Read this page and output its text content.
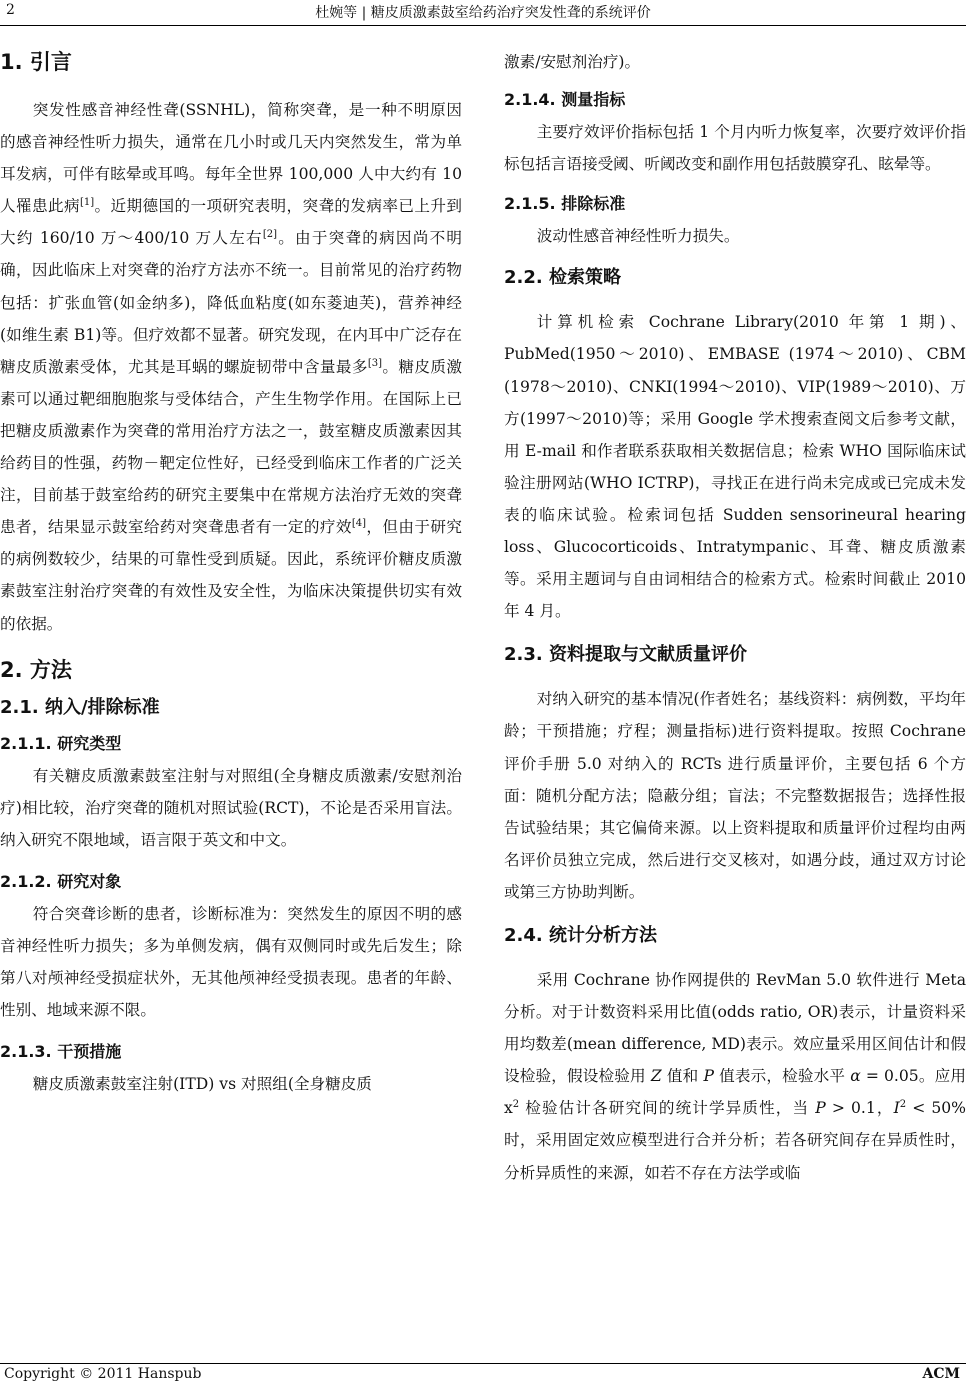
2	杜婉等 | 糖皮质激素鼓室给药治疗突发性聋的系统评价
1. 引言

突发性感音神经性聋(SSNHL)，简称突聋，是一种不明原因的感音神经性听力损失，通常在几小时或几天内突然发生，常为单耳发病，可伴有眩晕或耳鸣。每年全世界 100,000 人中大约有 10 人罹患此病[1]。近期德国的一项研究表明，突聋的发病率已上升到大约 160/10 万～400/10 万人左右[2]。由于突聋的病因尚不明确，因此临床上对突聋的治疗方法亦不统一。目前常见的治疗药物包括：扩张血管(如金纳多)，降低血粘度(如东菱迪芙)，营养神经(如维生素 B1)等。但疗效都不显著。研究发现，在内耳中广泛存在糖皮质激素受体，尤其是耳蜗的螺旋韧带中含量最多[3]。糖皮质激素可以通过靶细胞胞浆与受体结合，产生生物学作用。在国际上已把糖皮质激素作为突聋的常用治疗方法之一，鼓室糖皮质激素因其给药目的性强，药物－靶定位性好，已经受到临床工作者的广泛关注，目前基于鼓室给药的研究主要集中在常规方法治疗无效的突聋患者，结果显示鼓室给药对突聋患者有一定的疗效[4]，但由于研究的病例数较少，结果的可靠性受到质疑。因此，系统评价糖皮质激素鼓室注射治疗突聋的有效性及安全性，为临床决策提供切实有效的依据。

2. 方法
2.1. 纳入/排除标准
2.1.1. 研究类型

有关糖皮质激素鼓室注射与对照组(全身糖皮质激素/安慰剂治疗)相比较，治疗突聋的随机对照试验(RCT)，不论是否采用盲法。纳入研究不限地域，语言限于英文和中文。

2.1.2. 研究对象

符合突聋诊断的患者，诊断标准为：突然发生的原因不明的感音神经性听力损失；多为单侧发病，偶有双侧同时或先后发生；除第八对颅神经受损症状外，无其他颅神经受损表现。患者的年龄、性别、地域来源不限。

2.1.3. 干预措施

糖皮质激素鼓室注射(ITD) vs 对照组(全身糖皮质

激素/安慰剂治疗)。

2.1.4. 测量指标

主要疗效评价指标包括 1 个月内听力恢复率，次要疗效评价指标包括言语接受阈、听阈改变和副作用包括鼓膜穿孔、眩晕等。

2.1.5. 排除标准

波动性感音神经性听力损失。

2.2. 检索策略

计算机检索 Cochrane Library(2010 年第 1 期)、PubMed(1950～2010)、EMBASE (1974～2010)、CBM (1978～2010)、CNKI(1994～2010)、VIP(1989～2010)、万方(1997～2010)等；采用 Google 学术搜索查阅文后参考文献，用 E-mail 和作者联系获取相关数据信息；检索 WHO 国际临床试验注册网站(WHO ICTRP)，寻找正在进行尚未完成或已完成未发表的临床试验。检索词包括 Sudden sensorineural hearing loss、Glucocorticoids、Intratympanic、耳聋、糖皮质激素等。采用主题词与自由词相结合的检索方式。检索时间截止 2010 年 4 月。

2.3. 资料提取与文献质量评价

对纳入研究的基本情况(作者姓名；基线资料：病例数，平均年龄；干预措施；疗程；测量指标)进行资料提取。按照 Cochrane 评价手册 5.0 对纳入的 RCTs 进行质量评价，主要包括 6 个方面：随机分配方法；隐蔽分组；盲法；不完整数据报告；选择性报告试验结果；其它偏倚来源。以上资料提取和质量评价过程均由两名评价员独立完成，然后进行交叉核对，如遇分歧，通过双方讨论或第三方协助判断。

2.4. 统计分析方法

采用 Cochrane 协作网提供的 RevMan 5.0 软件进行 Meta 分析。对于计数资料采用比值(odds ratio, OR)表示，计量资料采用均数差(mean difference, MD)表示。效应量采用区间估计和假设检验，假设检验用 Z 值和 P 值表示，检验水平 α = 0.05。应用 x$^2$ 检验估计各研究间的统计学异质性，当 P > 0.1，I$^2$ < 50%时，采用固定效应模型进行合并分析；若各研究间存在异质性时，分析异质性的来源，如若不存在方法学或临

Copyright © 2011 Hanspub	ACM
